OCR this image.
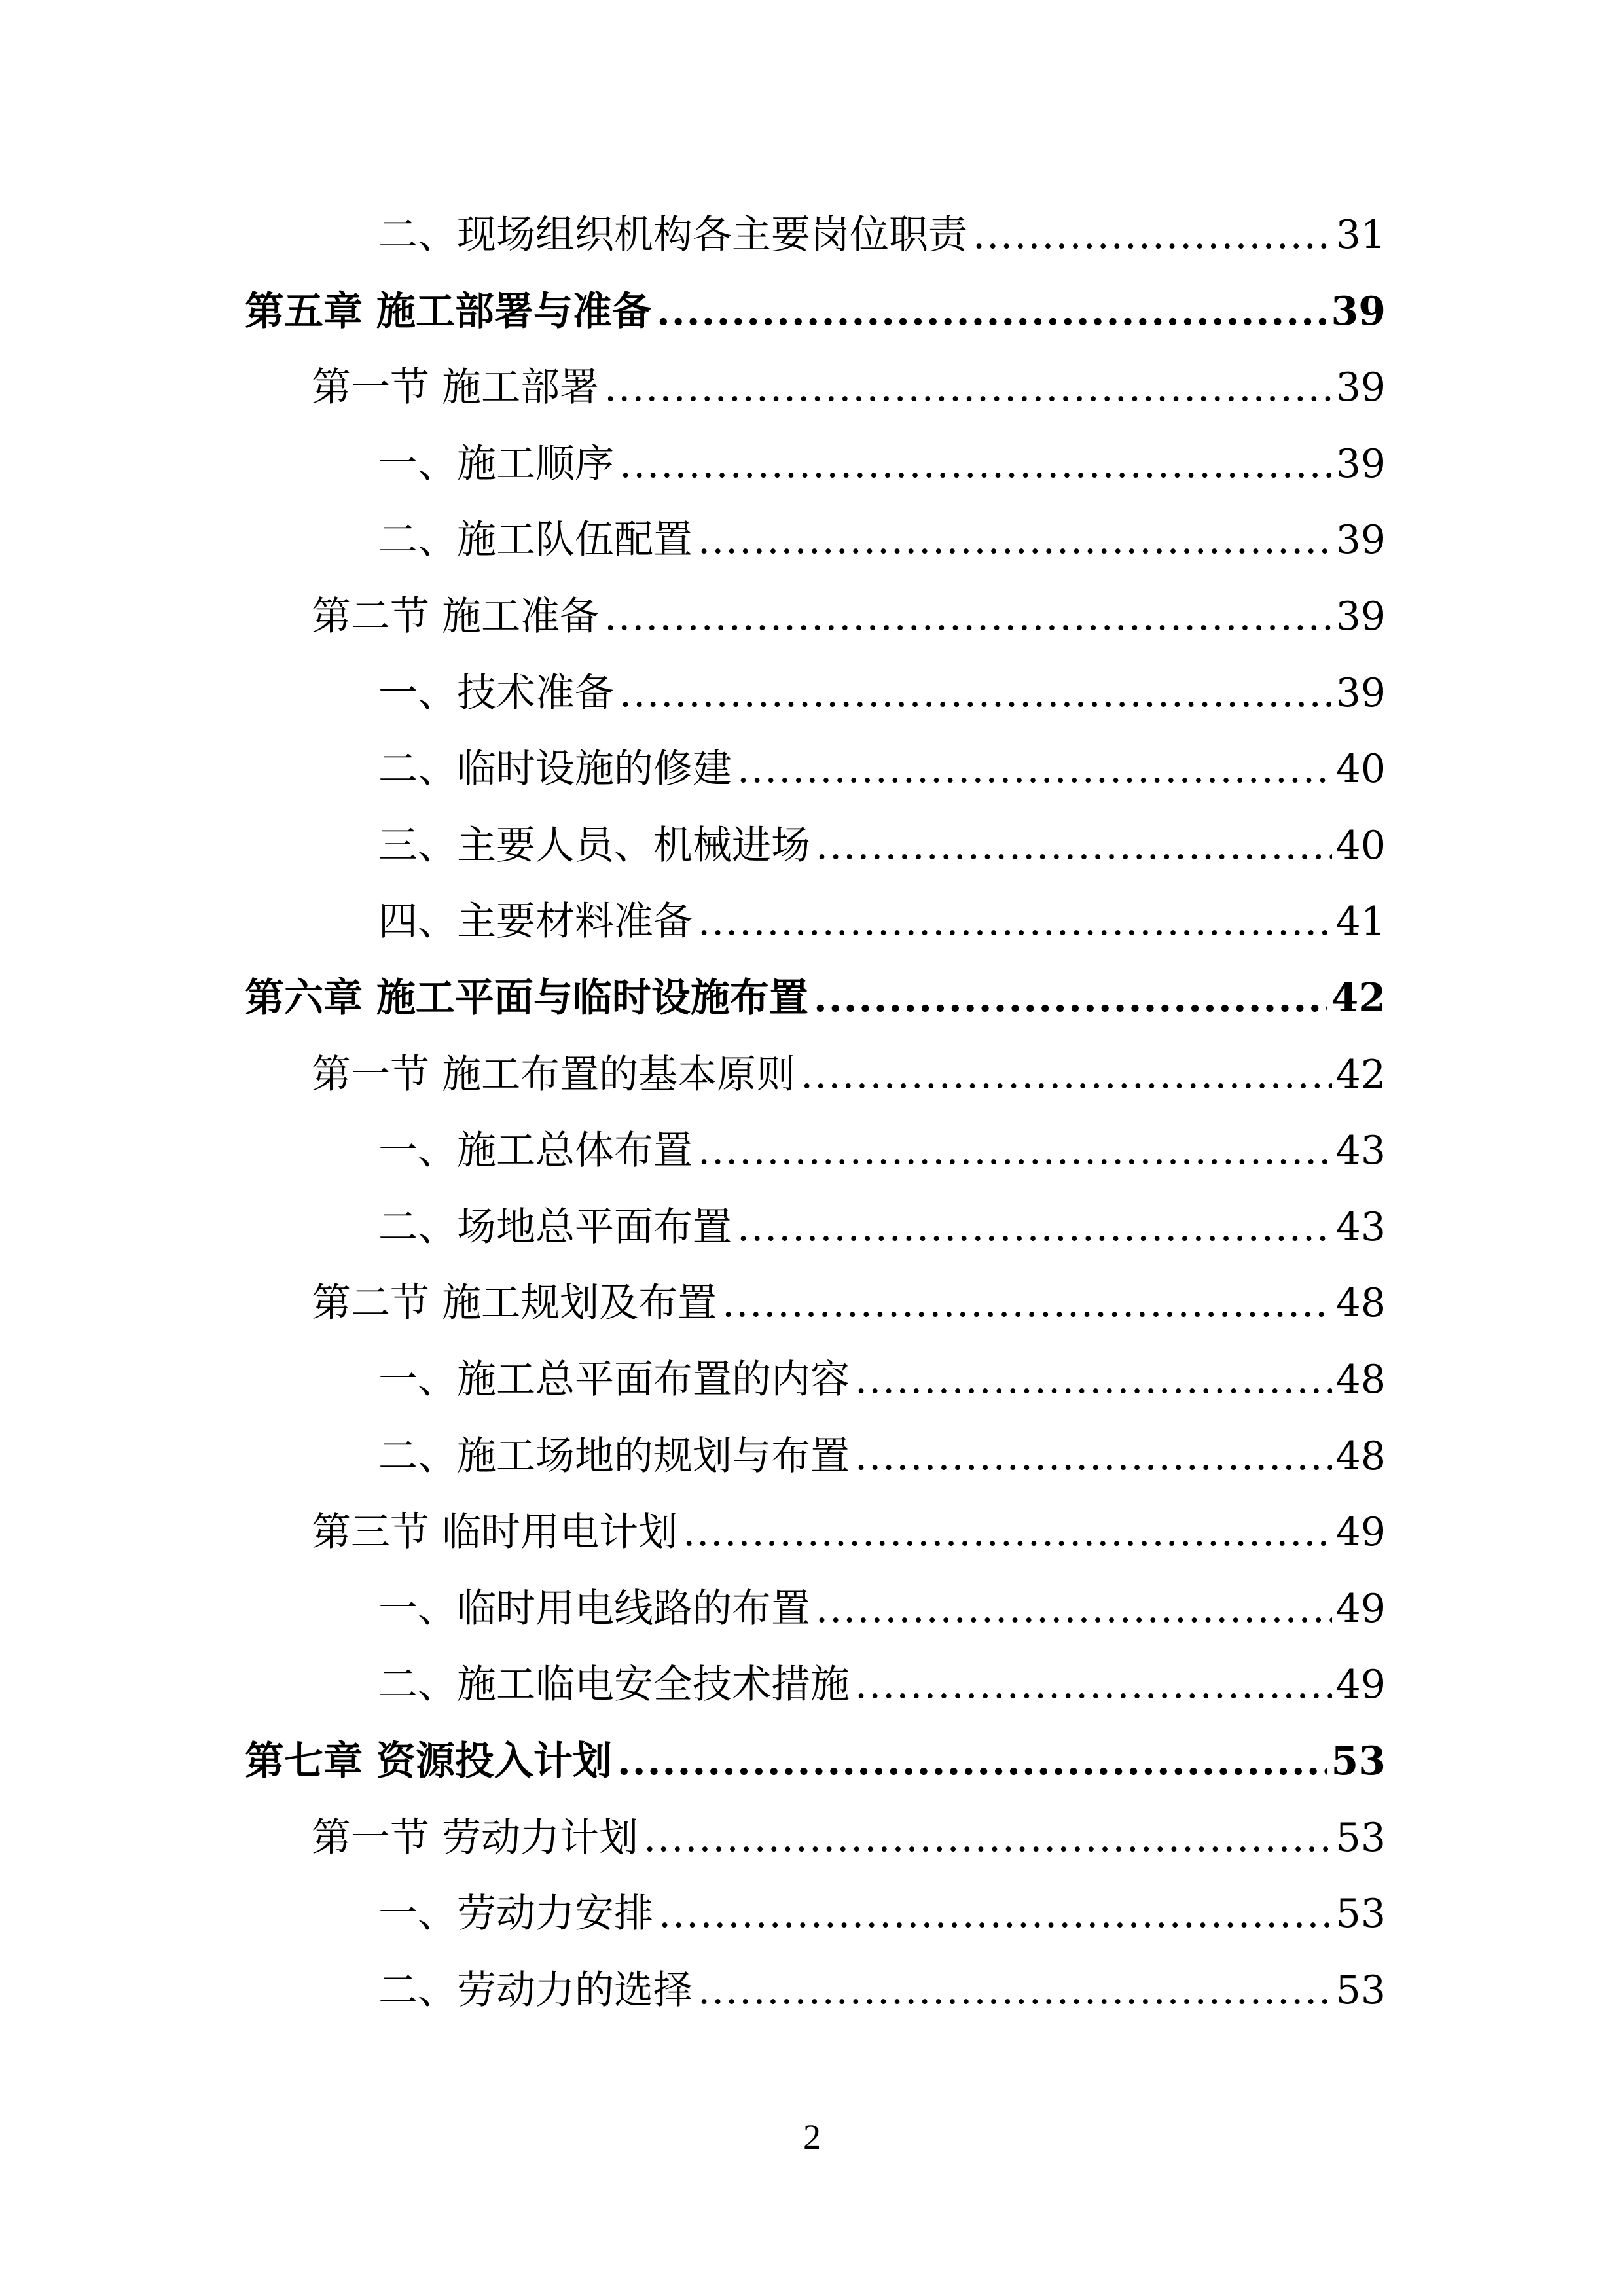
二、现场组织机构各主要岗位职责 .....	31
第五章 施工部署与准备 .....	39
第一节 施工部署 .....	39
一、施工顺序 .....	39
二、施工队伍配置 .....	39
第二节 施工准备 .....	39
一、技术准备 .....	39
二、临时设施的修建 .....	40
三、主要人员、机械进场 .....	40
四、主要材料准备 .....	41
第六章 施工平面与临时设施布置 .....	42
第一节 施工布置的基本原则 .....	42
一、施工总体布置 .....	43
二、场地总平面布置 .....	43
第二节 施工规划及布置 .....	48
一、施工总平面布置的内容 .....	48
二、施工场地的规划与布置 .....	48
第三节 临时用电计划 .....	49
一、临时用电线路的布置 .....	49
二、施工临电安全技术措施 .....	49
第七章 资源投入计划 .....	53
第一节 劳动力计划 .....	53
一、劳动力安排 .....	53
二、劳动力的选择 .....	53
2
